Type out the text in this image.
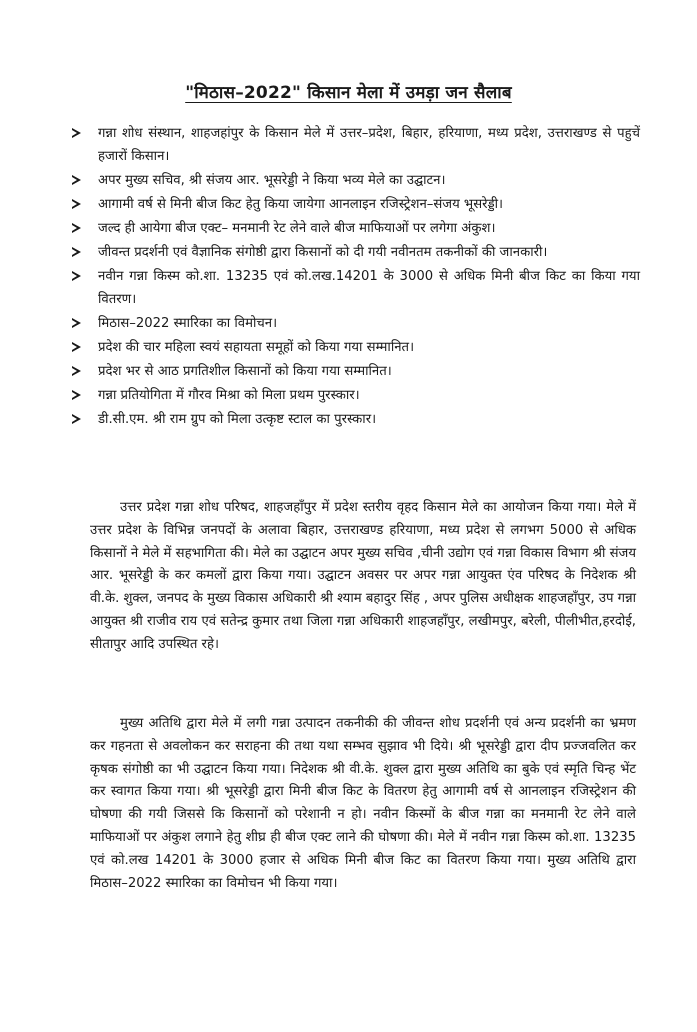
"मिठास–2022" किसान मेला में उमड़ा जन सैलाब
गन्ना शोध संस्थान, शाहजहांपुर के किसान मेले में उत्तर–प्रदेश, बिहार, हरियाणा, मध्य प्रदेश, उत्तराखण्ड से पहुचें हजारों किसान।
अपर मुख्य सचिव, श्री संजय आर. भूसरेड्डी ने किया भव्य मेले का उद्घाटन।
आगामी वर्ष से मिनी बीज किट हेतु किया जायेगा आनलाइन रजिस्ट्रेशन–संजय भूसरेड्डी।
जल्द ही आयेगा बीज एक्ट– मनमानी रेट लेने वाले बीज माफियाओं पर लगेगा अंकुश।
जीवन्त प्रदर्शनी एवं वैज्ञानिक संगोष्ठी द्वारा किसानों को दी गयी नवीनतम तकनीकों की जानकारी।
नवीन गन्ना किस्म को.शा. 13235 एवं को.लख.14201 के 3000 से अधिक मिनी बीज किट का किया गया वितरण।
मिठास–2022 स्मारिका का विमोचन।
प्रदेश की चार महिला स्वयं सहायता समूहों को किया गया सम्मानित।
प्रदेश भर से आठ प्रगतिशील किसानों को किया गया सम्मानित।
गन्ना प्रतियोगिता में गौरव मिश्रा को मिला प्रथम पुरस्कार।
डी.सी.एम. श्री राम ग्रुप को मिला उत्कृष्ट स्टाल का पुरस्कार।

उत्तर प्रदेश गन्ना शोध परिषद, शाहजहाँपुर में प्रदेश स्तरीय वृहद किसान मेले का आयोजन किया गया। मेले में उत्तर प्रदेश के विभिन्न जनपदों के अलावा बिहार, उत्तराखण्ड हरियाणा, मध्य प्रदेश से लगभग 5000 से अधिक किसानों ने मेले में सहभागिता की। मेले का उद्घाटन अपर मुख्य सचिव ,चीनी उद्योग एवं गन्ना विकास विभाग श्री संजय आर. भूसरेड्डी के कर कमलों द्वारा किया गया। उद्घाटन अवसर पर अपर गन्ना आयुक्त एंव परिषद के निदेशक श्री वी.के. शुक्ल, जनपद के मुख्य विकास अधिकारी श्री श्याम बहादुर सिंह , अपर पुलिस अधीक्षक शाहजहाँपुर, उप गन्ना आयुक्त श्री राजीव राय एवं सतेन्द्र कुमार तथा जिला गन्ना अधिकारी शाहजहाँपुर, लखीमपुर, बरेली, पीलीभीत,हरदोई, सीतापुर आदि उपस्थित रहे।

मुख्य अतिथि द्वारा मेले में लगी गन्ना उत्पादन तकनीकी की जीवन्त शोध प्रदर्शनी एवं अन्य प्रदर्शनी का भ्रमण कर गहनता से अवलोकन कर सराहना की तथा यथा सम्भव सुझाव भी दिये। श्री भूसरेड्डी द्वारा दीप प्रज्जवलित कर कृषक संगोष्ठी का भी उद्घाटन किया गया। निदेशक श्री वी.के. शुक्ल द्वारा मुख्य अतिथि का बुके एवं स्मृति चिन्ह भेंट कर स्वागत किया गया। श्री भूसरेड्डी द्वारा मिनी बीज किट के वितरण हेतु आगामी वर्ष से आनलाइन रजिस्ट्रेशन की घोषणा की गयी जिससे कि किसानों को परेशानी न हो। नवीन किस्मों के बीज गन्ना का मनमानी रेट लेने वाले माफियाओं पर अंकुश लगाने हेतु शीघ्र ही बीज एक्ट लाने की घोषणा की। मेले में नवीन गन्ना किस्म को.शा. 13235 एवं को.लख 14201 के 3000 हजार से अधिक मिनी बीज किट का वितरण किया गया। मुख्य अतिथि द्वारा मिठास–2022 स्मारिका का विमोचन भी किया गया।
